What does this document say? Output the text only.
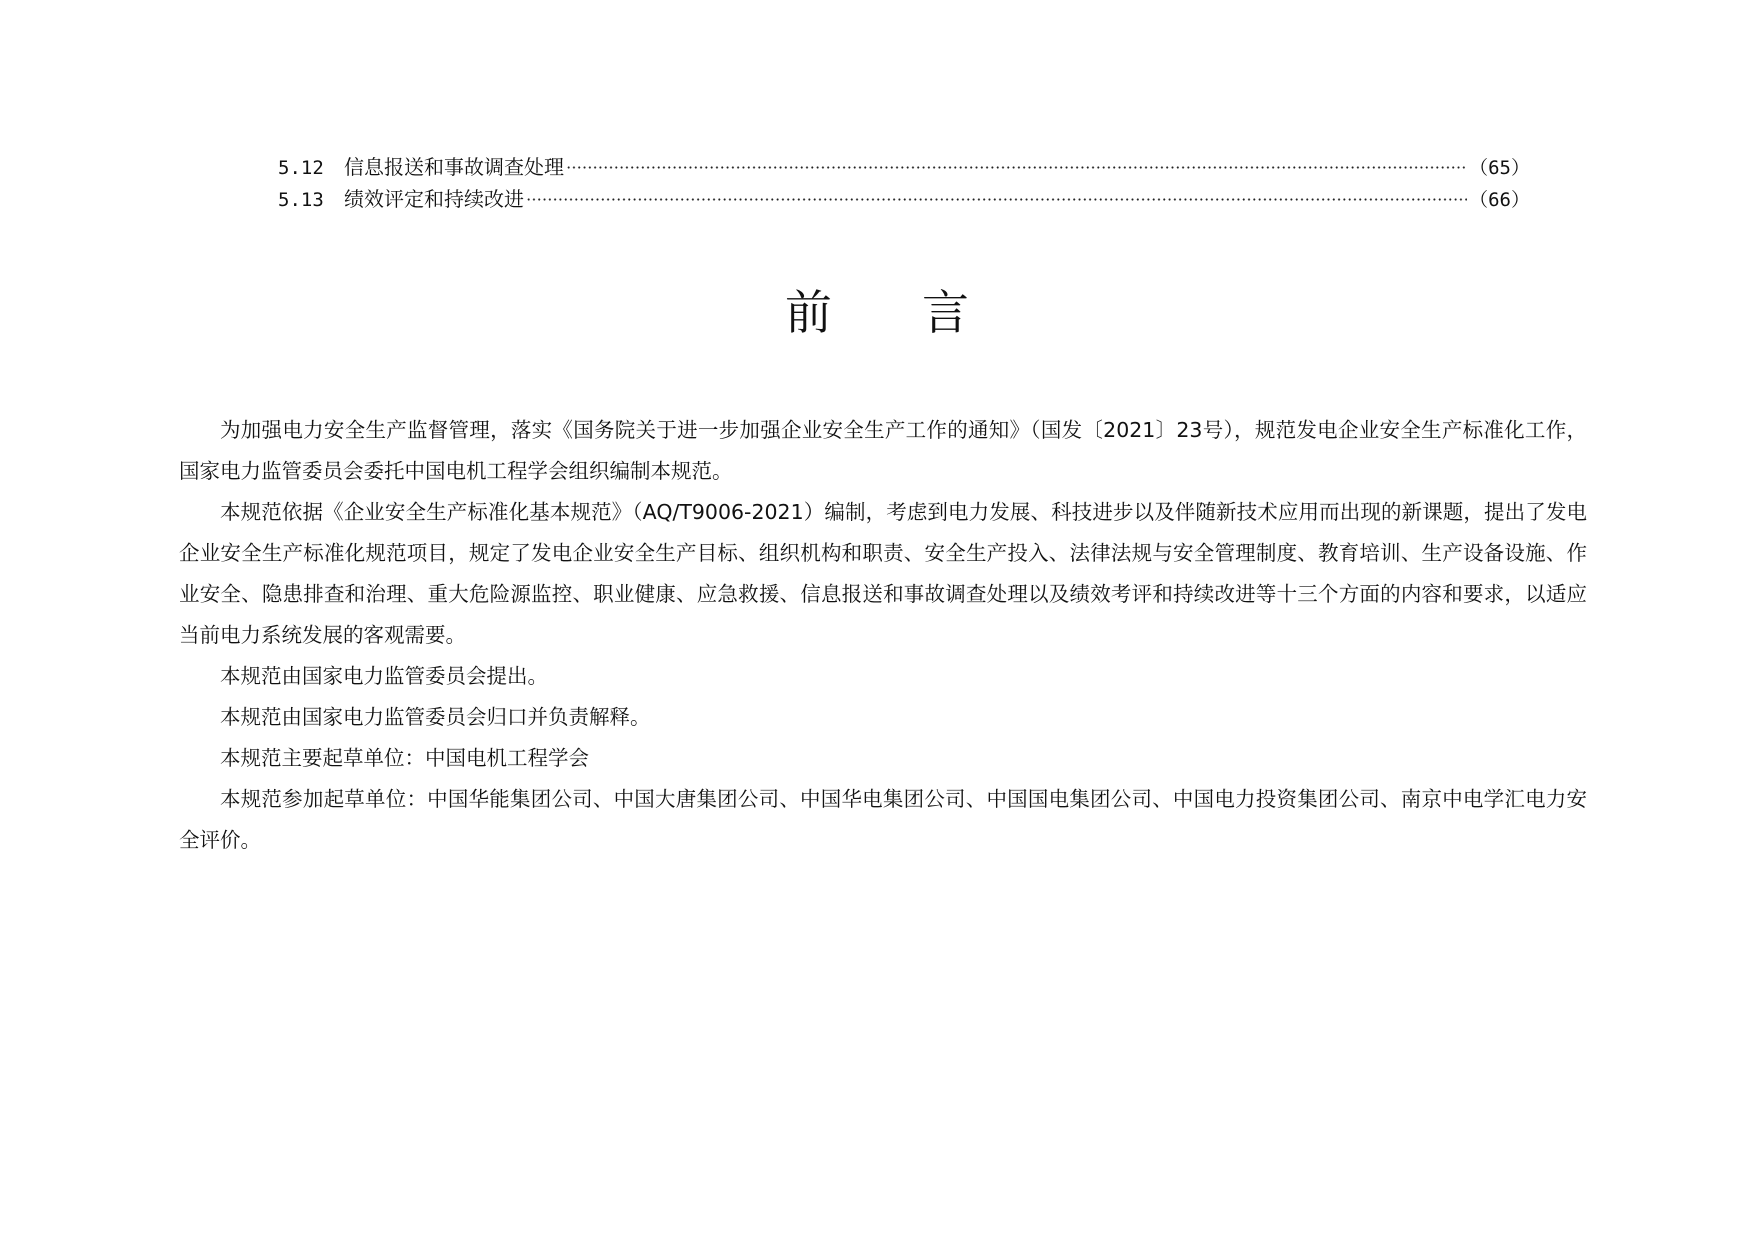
5.12	信息报送和事故调查处理	（65）
5.13	绩效评定和持续改进	（66）
前言

为加强电力安全生产监督管理，落实《国务院关于进一步加强企业安全生产工作的通知》（国发〔2021〕23号），规范发电企业安全生产标准化工作，国家电力监管委员会委托中国电机工程学会组织编制本规范。

本规范依据《企业安全生产标准化基本规范》（AQ/T9006-2021）编制，考虑到电力发展、科技进步以及伴随新技术应用而出现的新课题，提出了发电企业安全生产标准化规范项目，规定了发电企业安全生产目标、组织机构和职责、安全生产投入、法律法规与安全管理制度、教育培训、生产设备设施、作业安全、隐患排查和治理、重大危险源监控、职业健康、应急救援、信息报送和事故调查处理以及绩效考评和持续改进等十三个方面的内容和要求，以适应当前电力系统发展的客观需要。

本规范由国家电力监管委员会提出。

本规范由国家电力监管委员会归口并负责解释。

本规范主要起草单位：中国电机工程学会

本规范参加起草单位：中国华能集团公司、中国大唐集团公司、中国华电集团公司、中国国电集团公司、中国电力投资集团公司、南京中电学汇电力安全评价。
